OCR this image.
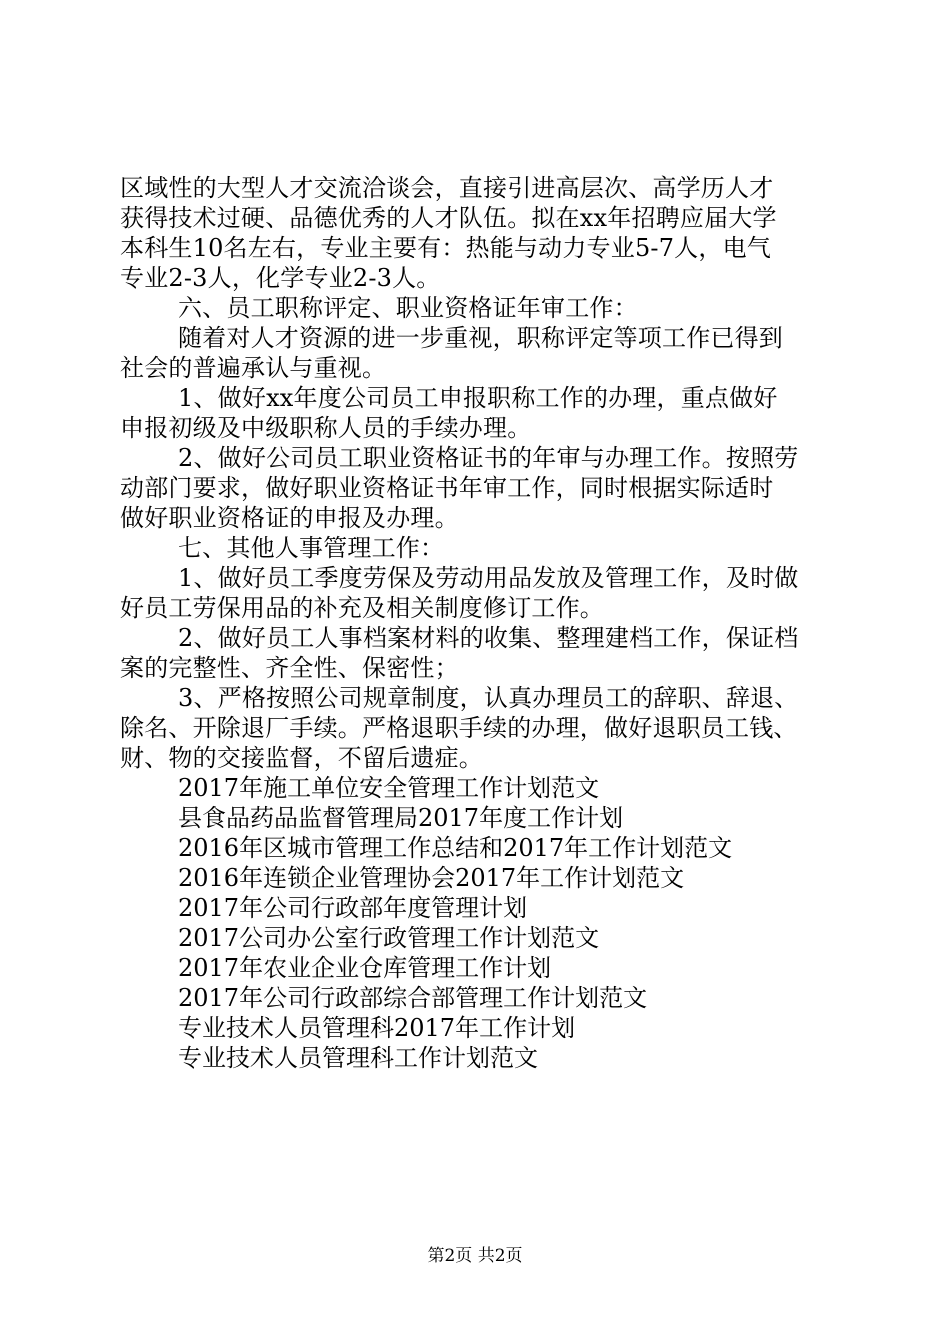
区域性的大型人才交流洽谈会，直接引进高层次、高学历人才
获得技术过硬、品德优秀的人才队伍。拟在xx年招聘应届大学
本科生10名左右，专业主要有：热能与动力专业5-7人，电气
专业2-3人，化学专业2-3人。
六、员工职称评定、职业资格证年审工作：
随着对人才资源的进一步重视，职称评定等项工作已得到
社会的普遍承认与重视。
1、做好xx年度公司员工申报职称工作的办理，重点做好
申报初级及中级职称人员的手续办理。
2、做好公司员工职业资格证书的年审与办理工作。按照劳
动部门要求，做好职业资格证书年审工作，同时根据实际适时
做好职业资格证的申报及办理。
七、其他人事管理工作：
1、做好员工季度劳保及劳动用品发放及管理工作，及时做
好员工劳保用品的补充及相关制度修订工作。
2、做好员工人事档案材料的收集、整理建档工作，保证档
案的完整性、齐全性、保密性；
3、严格按照公司规章制度，认真办理员工的辞职、辞退、
除名、开除退厂手续。严格退职手续的办理，做好退职员工钱、
财、物的交接监督，不留后遗症。
2017年施工单位安全管理工作计划范文
县食品药品监督管理局2017年度工作计划
2016年区城市管理工作总结和2017年工作计划范文
2016年连锁企业管理协会2017年工作计划范文
2017年公司行政部年度管理计划
2017公司办公室行政管理工作计划范文
2017年农业企业仓库管理工作计划
2017年公司行政部综合部管理工作计划范文
专业技术人员管理科2017年工作计划
专业技术人员管理科工作计划范文
第2页 共2页
